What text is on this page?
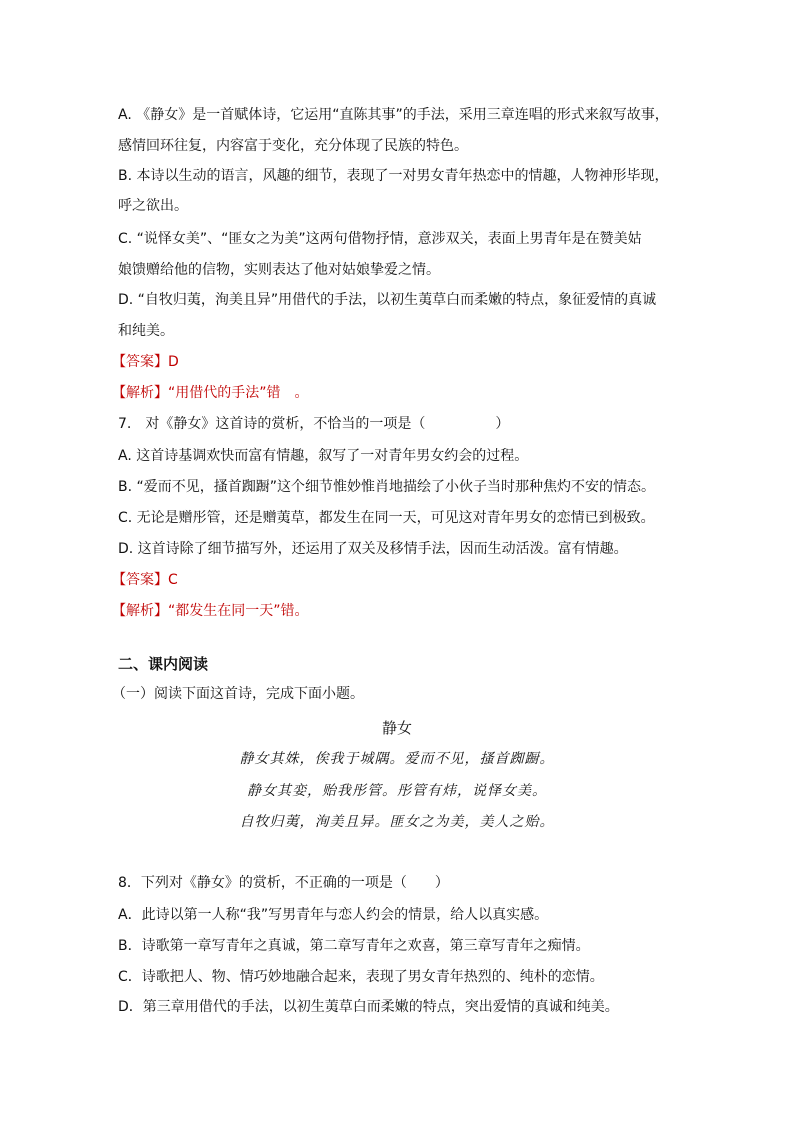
A. 《静女》是一首赋体诗，它运用“直陈其事”的手法，采用三章连唱的形式来叙写故事，
感情回环往复，内容富于变化，充分体现了民族的特色。
B. 本诗以生动的语言，风趣的细节，表现了一对男女青年热恋中的情趣，人物神形毕现，
呼之欲出。
C. “说怿女美”、“匪女之为美”这两句借物抒情，意涉双关，表面上男青年是在赞美姑
娘馈赠给他的信物，实则表达了他对姑娘挚爱之情。
D. “自牧归荑，洵美且异”用借代的手法，以初生荑草白而柔嫩的特点，象征爱情的真诚
和纯美。
【答案】D
【解析】“用借代的手法”错　。
7.　对《静女》这首诗的赏析，不恰当的一项是（　　　　　）
A. 这首诗基调欢快而富有情趣，叙写了一对青年男女约会的过程。
B. “爱而不见，搔首踟蹰”这个细节惟妙惟肖地描绘了小伙子当时那种焦灼不安的情态。
C. 无论是赠彤管，还是赠荑草，都发生在同一天，可见这对青年男女的恋情已到极致。
D. 这首诗除了细节描写外，还运用了双关及移情手法，因而生动活泼。富有情趣。
【答案】C
【解析】“都发生在同一天”错。
二、课内阅读
（一）阅读下面这首诗，完成下面小题。
静女
静女其姝，俟我于城隅。爱而不见，搔首踟蹰。
静女其娈，贻我彤管。彤管有炜，说怿女美。
自牧归荑，洵美且异。匪女之为美，美人之贻。
8．下列对《静女》的赏析，不正确的一项是（　　）
A．此诗以第一人称“我”写男青年与恋人约会的情景，给人以真实感。
B．诗歌第一章写青年之真诚，第二章写青年之欢喜，第三章写青年之痴情。
C．诗歌把人、物、情巧妙地融合起来，表现了男女青年热烈的、纯朴的恋情。
D．第三章用借代的手法，以初生荑草白而柔嫩的特点，突出爱情的真诚和纯美。
